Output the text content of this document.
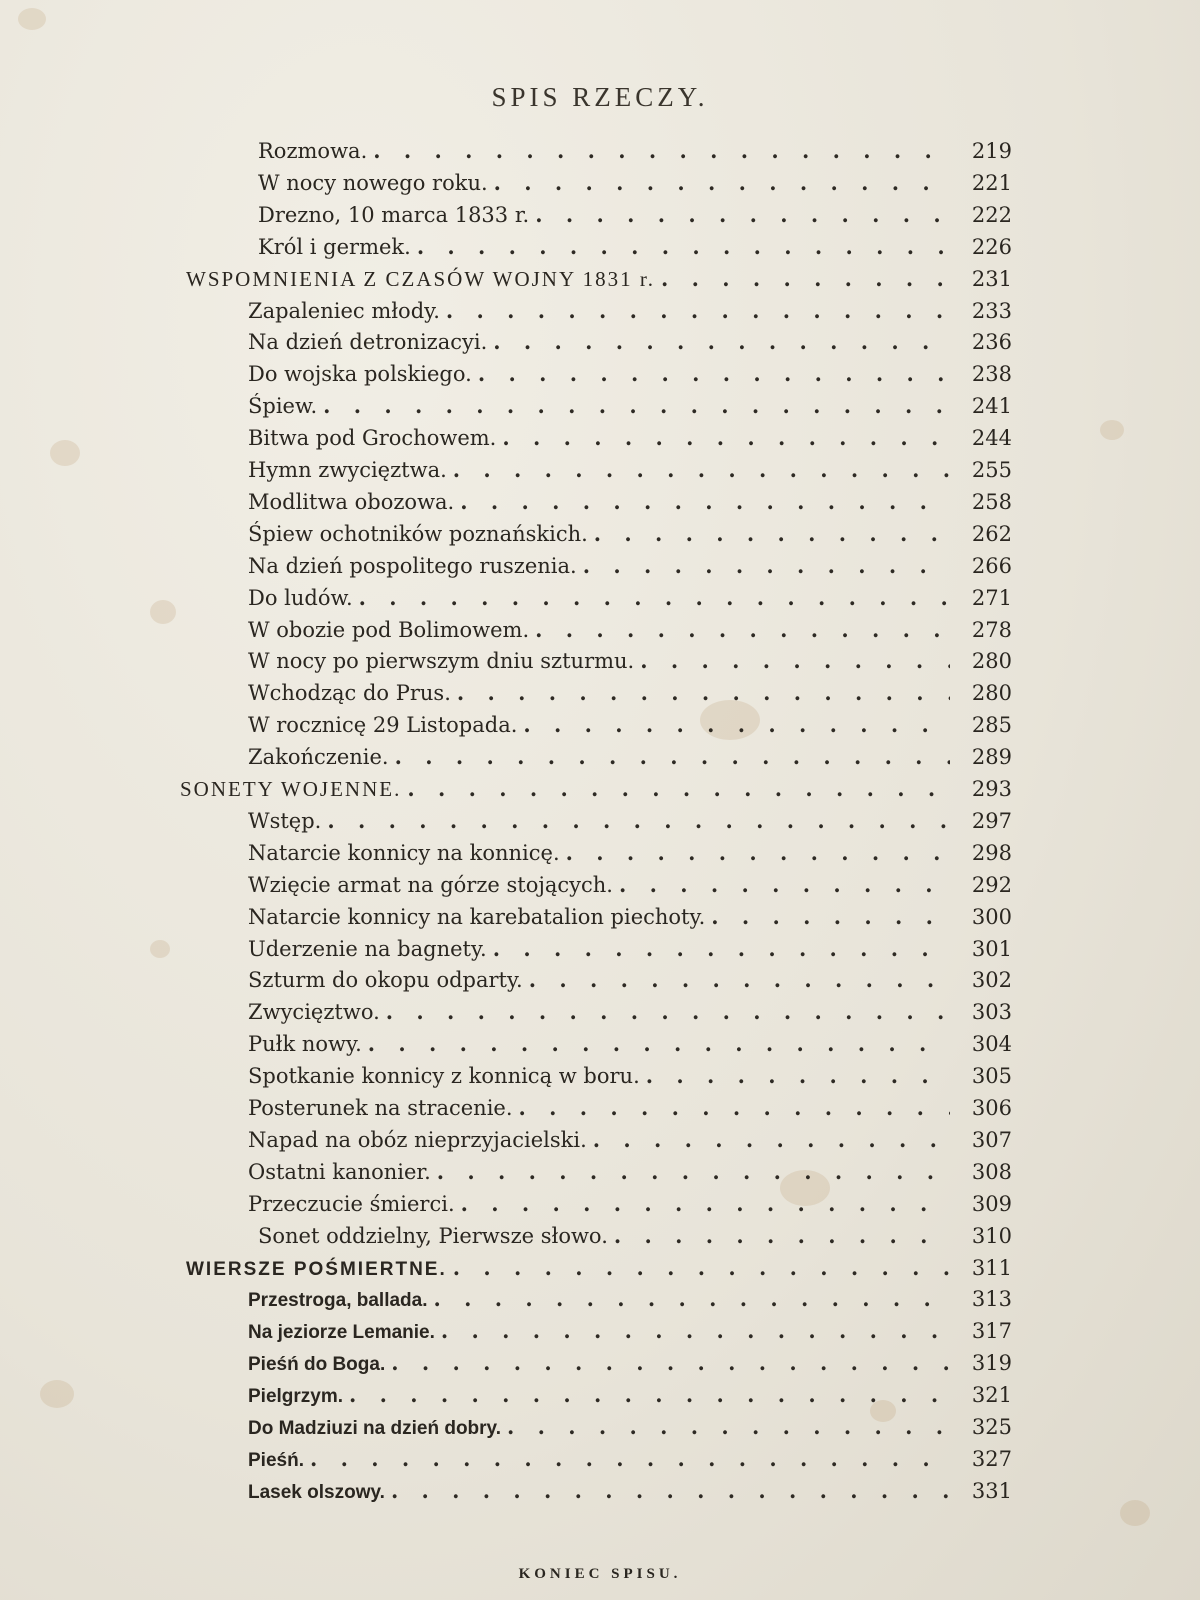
SPIS RZECZY.
Rozmowa. . . .	219
W nocy nowego roku. . . .	221
Drezno, 10 marca 1833 r. . . .	222
Król i germek. . . .	226
WSPOMNIENIA Z CZASÓW WOJNY 1831 r. . . .	231
Zapaleniec młody. . . .	233
Na dzień detronizacyi. . . .	236
Do wojska polskiego. . . .	238
Śpiew. . . .	241
Bitwa pod Grochowem. . . .	244
Hymn zwycięztwa. . . .	255
Modlitwa obozowa. . . .	258
Śpiew ochotników poznańskich. . . .	262
Na dzień pospolitego ruszenia. . . .	266
Do ludów. . . .	271
W obozie pod Bolimowem. . . .	278
W nocy po pierwszym dniu szturmu. . . .	280
Wchodząc do Prus. . . .	280
W rocznicę 29 Listopada. . . .	285
Zakończenie. . . .	289
SONETY WOJENNE. . . .	293
Wstęp. . . .	297
Natarcie konnicy na konnicę. . . .	298
Wzięcie armat na górze stojących. . . .	292
Natarcie konnicy na karebatalion piechoty. . . .	300
Uderzenie na bagnety. . . .	301
Szturm do okopu odparty. . . .	302
Zwycięztwo. . . .	303
Pułk nowy. . . .	304
Spotkanie konnicy z konnicą w boru. . . .	305
Posterunek na stracenie. . . .	306
Napad na obóz nieprzyjacielski. . . .	307
Ostatni kanonier. . . .	308
Przeczucie śmierci. . . .	309
Sonet oddzielny, Pierwsze słowo. . . .	310
WIERSZE POŚMIERTNE. . . .	311
Przestroga, ballada. . . .	313
Na jeziorze Lemanie. . . .	317
Pieśń do Boga. . . .	319
Pielgrzym. . . .	321
Do Madziuzi na dzień dobry. . . .	325
Pieśń. . . .	327
Lasek olszowy. . . .	331
KONIEC SPISU.
